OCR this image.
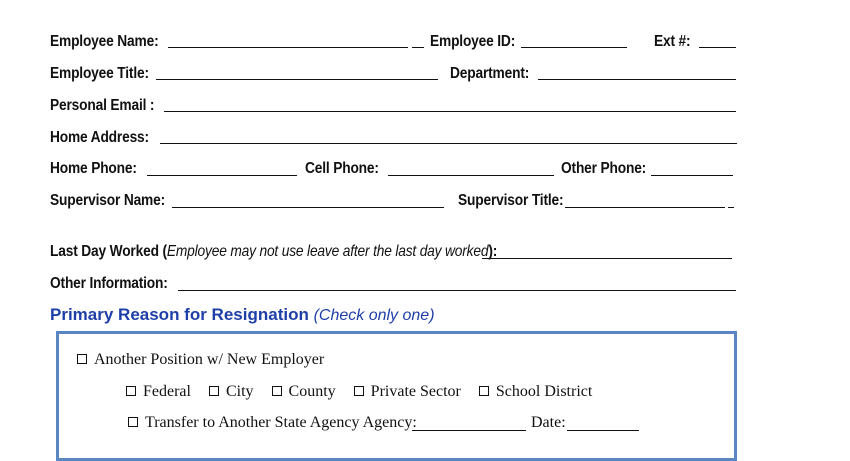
Employee Name:	Employee ID:	Ext #:
Employee Title:	Department:
Personal Email :
Home Address:
Home Phone:	Cell Phone:	Other Phone:
Supervisor Name:	Supervisor Title:
Last Day Worked (Employee may not use leave after the last day worked):
Other Information:
Primary Reason for Resignation (Check only one)
Another Position w/ New Employer
Federal City County Private Sector School District
Transfer to Another State Agency Agency:	Date:
